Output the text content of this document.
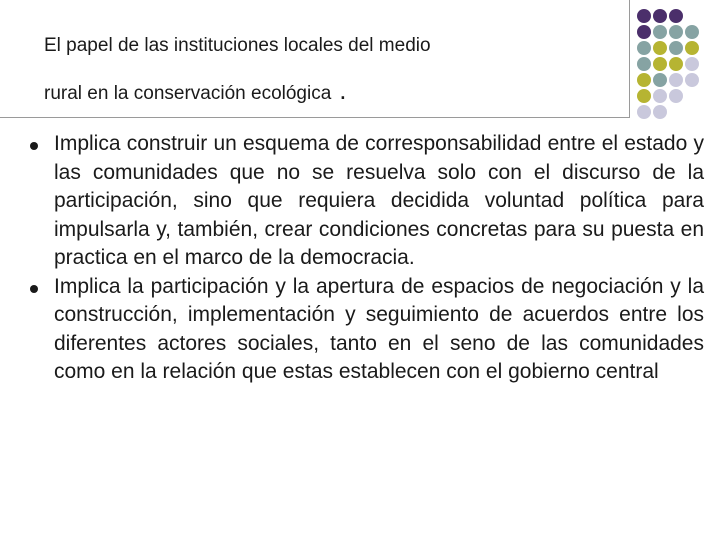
El papel de las instituciones locales del medio
rural en la conservación ecológica .
Implica construir un esquema de corresponsabilidad entre el estado y las comunidades que no se resuelva solo con el discurso de la participación, sino que requiera decidida voluntad política para impulsarla y, también, crear condiciones concretas para su puesta en practica en el marco de la democracia.
Implica la participación y la apertura de espacios de negociación y la construcción, implementación y seguimiento de acuerdos entre los diferentes actores sociales, tanto en el seno de las comunidades como en la relación que estas establecen con el gobierno central
